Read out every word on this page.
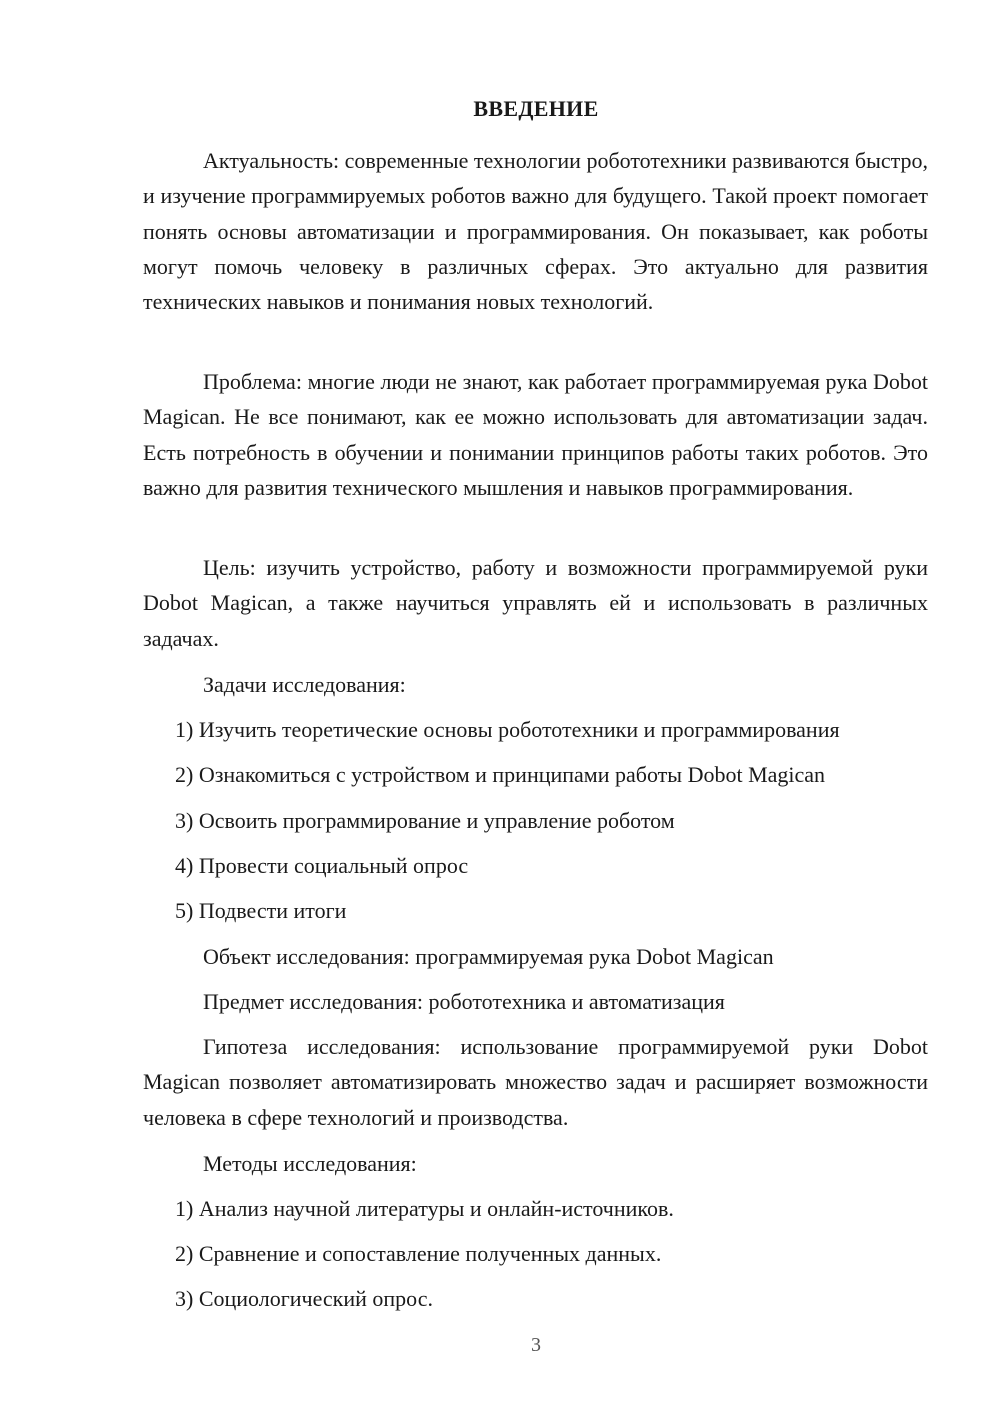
ВВЕДЕНИЕ

Актуальность: современные технологии робототехники развиваются быстро, и изучение программируемых роботов важно для будущего. Такой проект помогает понять основы автоматизации и программирования. Он показывает, как роботы могут помочь человеку в различных сферах. Это актуально для развития технических навыков и понимания новых технологий.

Проблема: многие люди не знают, как работает программируемая рука Dobot Magican. Не все понимают, как ее можно использовать для автоматизации задач. Есть потребность в обучении и понимании принципов работы таких роботов. Это важно для развития технического мышления и навыков программирования.

Цель: изучить устройство, работу и возможности программируемой руки Dobot Magican, а также научиться управлять ей и использовать в различных задачах.

Задачи исследования:

1) Изучить теоретические основы робототехники и программирования

2) Ознакомиться с устройством и принципами работы Dobot Magican

3) Освоить программирование и управление роботом

4) Провести социальный опрос

5) Подвести итоги

Объект исследования: программируемая рука Dobot Magican

Предмет исследования: робототехника и автоматизация

Гипотеза исследования: использование программируемой руки Dobot Magican позволяет автоматизировать множество задач и расширяет возможности человека в сфере технологий и производства.

Методы исследования:

1) Анализ научной литературы и онлайн-источников.

2) Сравнение и сопоставление полученных данных.

3) Социологический опрос.

3
